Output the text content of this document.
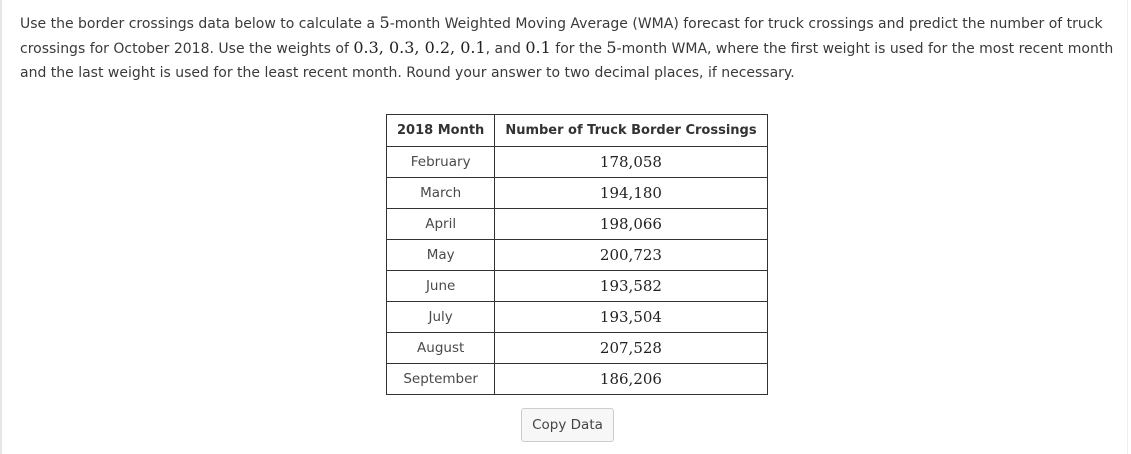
Use the border crossings data below to calculate a 5-month Weighted Moving Average (WMA) forecast for truck crossings and predict the number of truck crossings for October 2018. Use the weights of 0.3, 0.3, 0.2, 0.1, and 0.1 for the 5-month WMA, where the first weight is used for the most recent month and the last weight is used for the least recent month. Round your answer to two decimal places, if necessary.
2018 Month	Number of Truck Border Crossings
February	178,058
March	194,180
April	198,066
May	200,723
June	193,582
July	193,504
August	207,528
September	186,206
Copy Data
